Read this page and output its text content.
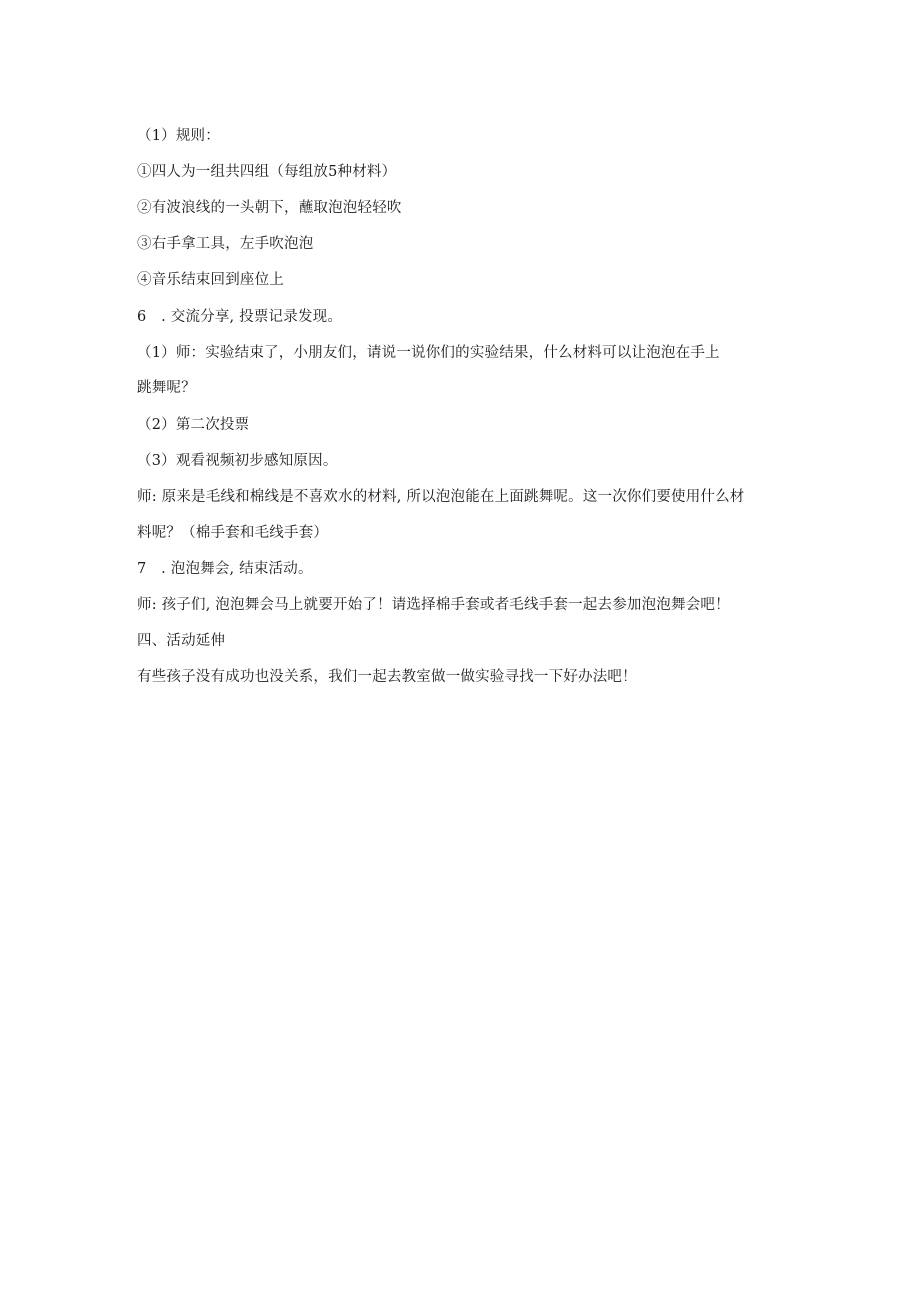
（1）规则：
①四人为一组共四组（每组放5种材料）
②有波浪线的一头朝下，蘸取泡泡轻轻吹
③右手拿工具，左手吹泡泡
④音乐结束回到座位上
6　. 交流分享, 投票记录发现。
（1）师：实验结束了，小朋友们，请说一说你们的实验结果，什么材料可以让泡泡在手上
跳舞呢？
（2）第二次投票
（3）观看视频初步感知原因。
师: 原来是毛线和棉线是不喜欢水的材料, 所以泡泡能在上面跳舞呢。这一次你们要使用什么材
料呢？（棉手套和毛线手套）
7　. 泡泡舞会, 结束活动。
师: 孩子们, 泡泡舞会马上就要开始了！请选择棉手套或者毛线手套一起去参加泡泡舞会吧！
四、活动延伸
有些孩子没有成功也没关系，我们一起去教室做一做实验寻找一下好办法吧！
